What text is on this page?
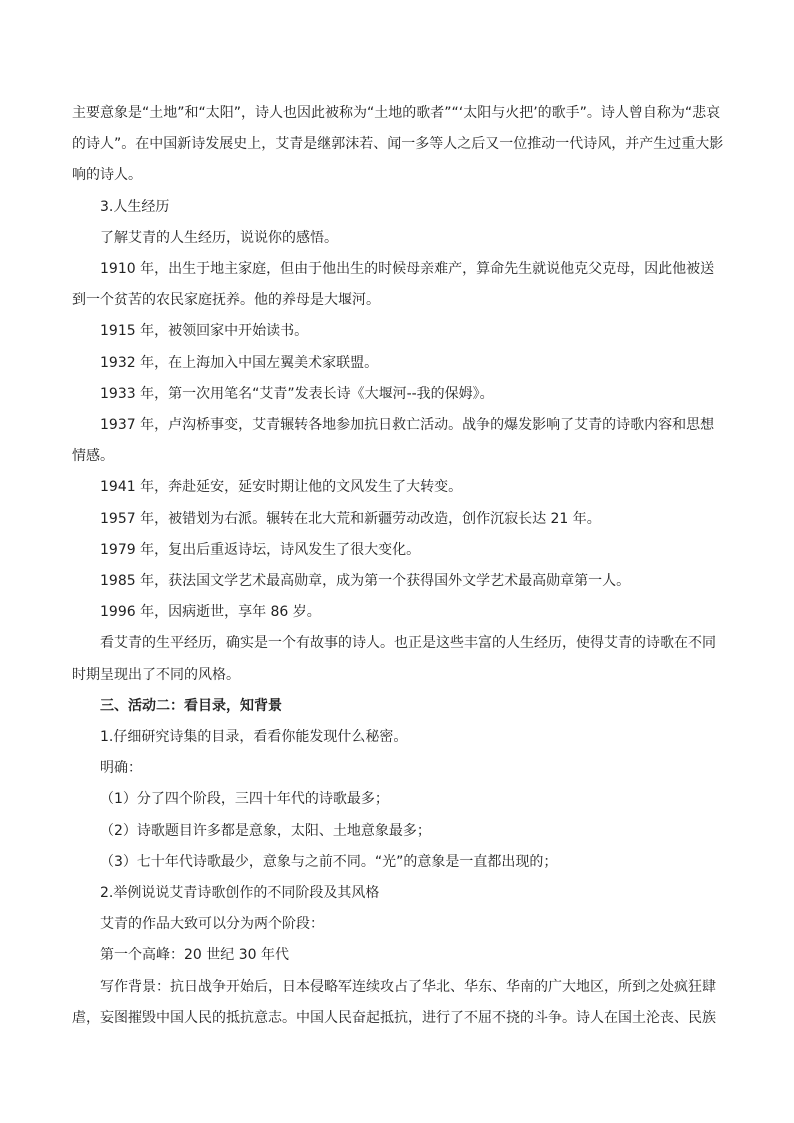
主要意象是“土地”和“太阳”，诗人也因此被称为“土地的歌者”“‘太阳与火把’的歌手”。诗人曾自称为“悲哀的诗人”。在中国新诗发展史上，艾青是继郭沫若、闻一多等人之后又一位推动一代诗风，并产生过重大影响的诗人。

3.人生经历

了解艾青的人生经历，说说你的感悟。

1910 年，出生于地主家庭，但由于他出生的时候母亲难产，算命先生就说他克父克母，因此他被送到一个贫苦的农民家庭抚养。他的养母是大堰河。

1915 年，被领回家中开始读书。

1932 年，在上海加入中国左翼美术家联盟。

1933 年，第一次用笔名“艾青”发表长诗《大堰河--我的保姆》。

1937 年，卢沟桥事变，艾青辗转各地参加抗日救亡活动。战争的爆发影响了艾青的诗歌内容和思想情感。

1941 年，奔赴延安，延安时期让他的文风发生了大转变。

1957 年，被错划为右派。辗转在北大荒和新疆劳动改造，创作沉寂长达 21 年。

1979 年，复出后重返诗坛，诗风发生了很大变化。

1985 年，获法国文学艺术最高勋章，成为第一个获得国外文学艺术最高勋章第一人。

1996 年，因病逝世，享年 86 岁。

看艾青的生平经历，确实是一个有故事的诗人。也正是这些丰富的人生经历，使得艾青的诗歌在不同时期呈现出了不同的风格。

三、活动二：看目录，知背景

1.仔细研究诗集的目录，看看你能发现什么秘密。

明确：

（1）分了四个阶段，三四十年代的诗歌最多；

（2）诗歌题目许多都是意象，太阳、土地意象最多；

（3）七十年代诗歌最少，意象与之前不同。“光”的意象是一直都出现的；

2.举例说说艾青诗歌创作的不同阶段及其风格

艾青的作品大致可以分为两个阶段：

第一个高峰：20 世纪 30 年代

写作背景：抗日战争开始后，日本侵略军连续攻占了华北、华东、华南的广大地区，所到之处疯狂肆虐，妄图摧毁中国人民的抵抗意志。中国人民奋起抵抗，进行了不屈不挠的斗争。诗人在国土沦丧、民族
